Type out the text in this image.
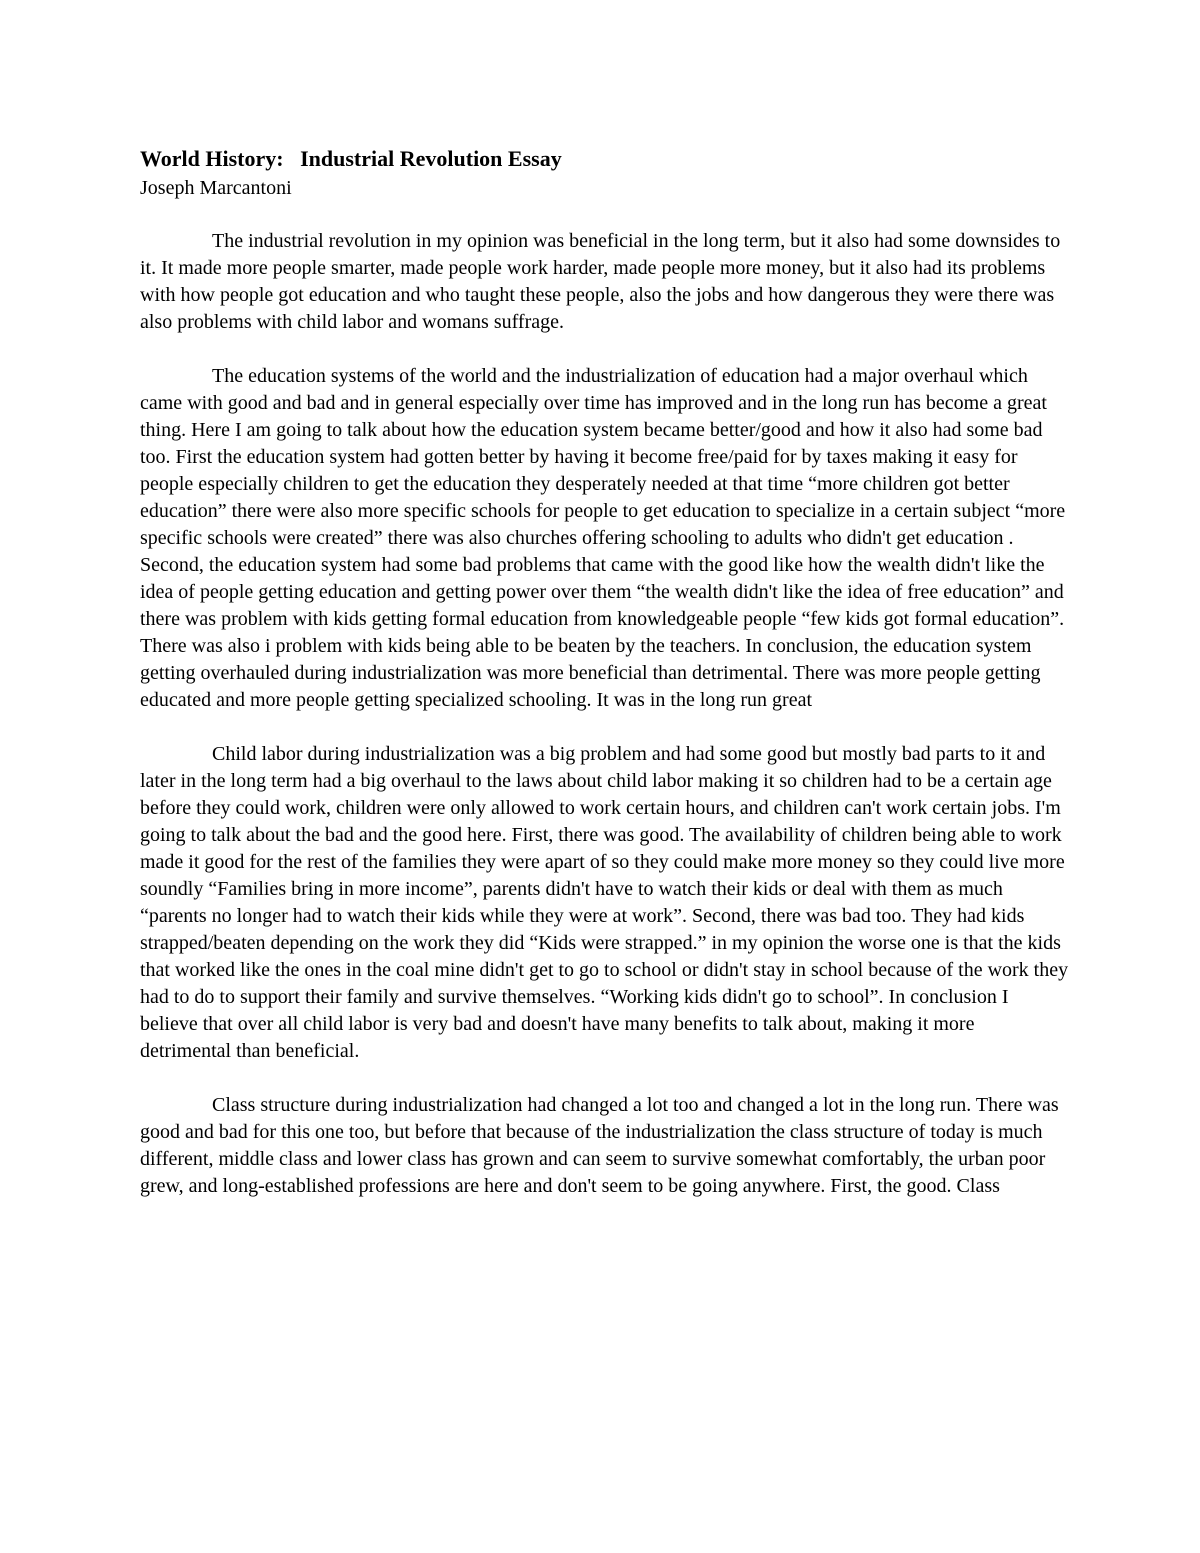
World History:   Industrial Revolution Essay
Joseph Marcantoni

The industrial revolution in my opinion was beneficial in the long term, but it also had some downsides to it. It made more people smarter, made people work harder, made people more money, but it also had its problems with how people got education and who taught these people, also the jobs and how dangerous they were there was also problems with child labor and womans suffrage.

The education systems of the world and the industrialization of education had a major overhaul which came with good and bad and in general especially over time has improved and in the long run has become a great thing. Here I am going to talk about how the education system became better/good and how it also had some bad too. First the education system had gotten better by having it become free/paid for by taxes making it easy for people especially children to get the education they desperately needed at that time “more children got better education” there were also more specific schools for people to get education to specialize in a certain subject “more specific schools were created” there was also churches offering schooling to adults who didn't get education . Second, the education system had some bad problems that came with the good like how the wealth didn't like the idea of people getting education and getting power over them “the wealth didn't like the idea of free education” and there was problem with kids getting formal education from knowledgeable people “few kids got formal education”. There was also i problem with kids being able to be beaten by the teachers. In conclusion, the education system getting overhauled during industrialization was more beneficial than detrimental. There was more people getting educated and more people getting specialized schooling. It was in the long run great

Child labor during industrialization was a big problem and had some good but mostly bad parts to it and later in the long term had a big overhaul to the laws about child labor making it so children had to be a certain age before they could work, children were only allowed to work certain hours, and children can't work certain jobs. I'm going to talk about the bad and the good here. First, there was good. The availability of children being able to work made it good for the rest of the families they were apart of so they could make more money so they could live more soundly “Families bring in more income”, parents didn't have to watch their kids or deal with them as much “parents no longer had to watch their kids while they were at work”. Second, there was bad too. They had kids strapped/beaten depending on the work they did “Kids were strapped.” in my opinion the worse one is that the kids that worked like the ones in the coal mine didn't get to go to school or didn't stay in school because of the work they had to do to support their family and survive themselves. “Working kids didn't go to school”. In conclusion I believe that over all child labor is very bad and doesn't have many benefits to talk about, making it more detrimental than beneficial.

Class structure during industrialization had changed a lot too and changed a lot in the long run. There was good and bad for this one too, but before that because of the industrialization the class structure of today is much different, middle class and lower class has grown and can seem to survive somewhat comfortably, the urban poor grew, and long-established professions are here and don't seem to be going anywhere. First, the good. Class
